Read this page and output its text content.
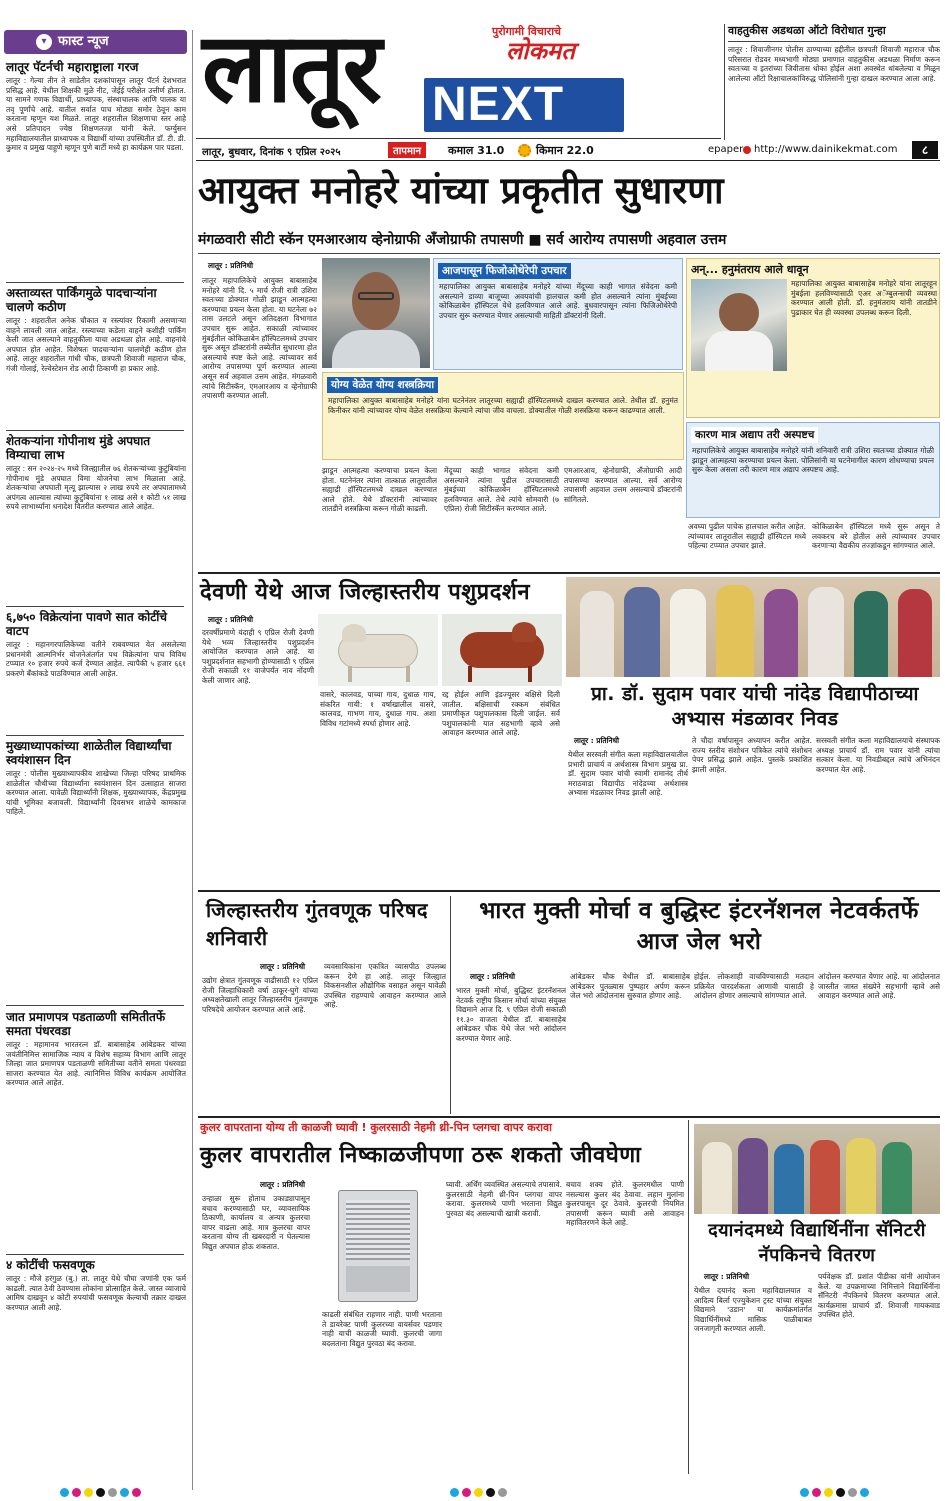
▾ फास्ट न्यूज
लातूर पॅटर्नची महाराष्ट्राला गरज
लातूर : गेल्या तीन ते साडेतीन दशकांपासून लातूर पॅटर्न देशभरात प्रसिद्ध आहे. येथील शिक्षकी मुळे नीट, जेईई परीक्षेत उत्तीर्ण होतात. या सामने गणक विद्यार्थी, प्राध्यापक, संस्थाचालक आणि पालक या तवृ पूर्णांचे आहे. यातील सर्वात पाच मोठ्या समोर ठेवून काम करताना म्हणून यश मिळते. लातूर शहरातील शिक्षणाचा स्तर आहे असे प्रतिपादन ज्येष्ठ शिक्षणतज्ज्ञ यांनी केले. फर्ग्युसन महाविद्यालयातील प्राध्यापक व विद्यार्थी यांच्या उपस्थितीत डॉ. टी. डी. कुमार व प्रमुख पाहुणे म्हणून पुणे बार्टी मध्ये हा कार्यक्रम पार पडला.
अस्ताव्यस्त पार्किंगमुळे पादचाऱ्यांना चालणे कठीण
लातूर : शहरातील अनेक चौकात व रस्त्यांवर रिकामी असणाऱ्या वाहने लावली जात आहेत. रस्त्याच्या कडेला वाहने कशीही पार्किंग केली जात असल्याने वाहतुकीला याचा अडथळा होत आहे. वाहनांचे अपघात होत आहेत. विशेषतः पादचाऱ्यांना चालणेही कठीण होत आहे. लातूर शहरातील गांधी चौक, छत्रपती शिवाजी महाराज चौक, गंजी गोलाई, रेल्वेस्टेशन रोड आदी ठिकाणी हा प्रकार आहे.
शेतकऱ्यांना गोपीनाथ मुंडे अपघात विम्याचा लाभ
लातूर : सन २०२४-२५ मध्ये जिल्ह्यातील ७६ शेतकऱ्यांच्या कुटुंबियांना गोपीनाथ मुंडे अपघात विमा योजनेचा लाभ मिळाला आहे. शेतकऱ्यांचा अपघाती मृत्यू झाल्यास २ लाख रुपये तर अपघातामध्ये अपंगत्व आल्यास त्यांच्या कुटुंबियांना १ लाख असे १ कोटी ५१ लाख रुपये लाभार्थ्यांना धनादेश वितरीत करण्यात आले आहेत.
६,७५० विक्रेत्यांना पावणे सात कोटींचे वाटप
लातूर : महानगरपालिकेच्या वतीने राबवण्यात येत असलेल्या प्रधानमंत्री आत्मनिर्भर योजनेअंतर्गत पथ विक्रेत्यांना पाच विविध टप्प्यात १० हजार रुपये कर्ज देण्यात आहेत. त्यापैकी ५ हजार ६६१ प्रकरणे बँकांकडे पाठविण्यात आली आहेत.
मुख्याध्यापकांच्या शाळेतील विद्यार्थ्यांचा स्वयंशासन दिन
लातूर : पोलीस मुख्याध्यापकीय शाखेच्या जिल्हा परिषद प्राथमिक शाळेतील चौथीच्या विद्यार्थ्यांना स्वयंशासन दिन उत्साहात साजरा करण्यात आला. यावेळी विद्यार्थ्यांनी शिक्षक, मुख्याध्यापक, केंद्रप्रमुख यांची भूमिका बजावली. विद्यार्थ्यांनी दिवसभर शाळेचे कामकाज पाहिले.
जात प्रमाणपत्र पडताळणी समितीतर्फे समता पंधरवडा
लातूर : महामानव भारतरत्न डॉ. बाबासाहेब आंबेडकर यांच्या जयंतीनिमित्त सामाजिक न्याय व विशेष सहाय्य विभाग आणि लातूर जिल्हा जात प्रमाणपत्र पडताळणी समितीच्या वतीने समता पंधरवडा साजरा करण्यात येत आहे. त्यानिमित्त विविध कार्यक्रम आयोजित करण्यात आले आहेत.
४ कोटींची फसवणूक
लातूर : मौजे हरंगुळ (बु.) ता. लातूर येथे चौघा जणांनी एक फर्म काढली. त्यात ठेवी ठेवण्यास लोकांना प्रोत्साहित केले. जास्त व्याजाचे आमिष दाखवून ४ कोटी रुपयांची फसवणूक केल्याची तक्रार दाखल करण्यात आली आहे.
लातूर	पुरोगामी विचाराचे
लोकमत
NEXT
वाहतुकीस अडथळा ऑटो विरोधात गुन्हा
लातूर : शिवाजीनगर पोलीस ठाण्याच्या हद्दीतील छत्रपती शिवाजी महाराज चौक परिसरात रोडवर मध्यभागी मोठ्या प्रमाणात वाहतुकीस अडथळा निर्माण करून स्वतःच्या व इतरांच्या जिवीतास धोका होईल अशा अवस्थेत थांबलेल्या व मिळून आलेल्या ऑटो रिक्षाचालकांविरुद्ध पोलिसांनी गुन्हा दाखल करण्यात आला आहे.
लातूर, बुधवार, दिनांक ९ एप्रिल २०२५	तापमान	कमाल 31.0	किमान 22.0	epaper http://www.dainikekmat.com	८
आयुक्त मनोहरे यांच्या प्रकृतीत सुधारणा
मंगळवारी सीटी स्कॅन एमआरआय व्हेनोग्राफी अँजोग्राफी तपासणी ■ सर्व आरोग्य तपासणी अहवाल उत्तम
लातूर : प्रतिनिधी
लातूर महापालिकेचे आयुक्त बाबासाहेब मनोहरे यांनी दि. ५ मार्च रोजी रात्री उशिरा स्वतःच्या डोक्यात गोळी झाडून आत्महत्या करण्याचा प्रयत्न केला होता. या घटनेला ७२ तास उलटले असून अतिदक्षता विभागात उपचार सुरू आहेत. सकाळी त्यांच्यावर मुंबईतील कोकिळाबेन हॉस्पिटलमध्ये उपचार सुरू असून डॉक्टरांनी तब्येतीत सुधारणा होत असल्याचे स्पष्ट केले आहे. त्यांच्यावर सर्व आरोग्य तपासण्या पूर्ण करण्यात आल्या असून सर्व अहवाल उत्तम आहेत. मंगळवारी त्यांचे सिटीस्कॅन, एमआरआय व व्हेनोग्राफी तपासणी करण्यात आली.
आजपासून फिजोओथेरेपी उपचार
महापालिका आयुक्त बाबासाहेब मनोहरे यांच्या मेंदूच्या काही भागात संवेदना कमी असल्याने डाव्या बाजूच्या अवयवांची हालचाल कमी होत असल्याने त्यांना मुंबईच्या कोकिळाबेन हॉस्पिटल येथे हलविण्यात आले आहे. बुधवारपासून त्यांना फिजिओथेरेपी उपचार सुरू करण्यात येणार असल्याची माहिती डॉक्टरांनी दिली.
अन्... हनुमंतराय आले धावून
महापालिका आयुक्त बाबासाहेब मनोहरे यांना लातूरहून मुंबईला हलविण्यासाठी एअर अॅम्बुलन्सची व्यवस्था करण्यात आली होती. डॉ. हनुमंतराय यांनी तातडीने पुढाकार घेत ही व्यवस्था उपलब्ध करून दिली.
योग्य वेळेत योग्य शस्त्रक्रिया
महापालिका आयुक्त बाबासाहेब मनोहरे यांना घटनेनंतर लातूरच्या सह्याद्री हॉस्पिटलमध्ये दाखल करण्यात आले. तेथील डॉ. हनुमंत किनीकर यांनी त्यांच्यावर योग्य वेळेत शस्त्रक्रिया केल्याने त्यांचा जीव वाचला. डोक्यातील गोळी शस्त्रक्रिया करून काढण्यात आली.
कारण मात्र अद्याप तरी अस्पष्टच
महापालिकेचे आयुक्त बाबासाहेब मनोहरे यांनी शनिवारी रात्री उशिरा स्वतःच्या डोक्यात गोळी झाडून आत्महत्या करण्याचा प्रयत्न केला. पोलिसांनी या घटनेमागील कारण शोधण्याचा प्रयत्न सुरू केला असला तरी कारण मात्र अद्याप अस्पष्टच आहे.
झाडून आत्महत्या करण्याचा प्रयत्न केला होता. घटनेनंतर त्यांना तात्काळ लातूरातील सह्याद्री हॉस्पिटलमध्ये दाखल करण्यात आले होते. येथे डॉक्टरांनी त्यांच्यावर तातडीने शस्त्रक्रिया करून गोळी काढली.
मेंदूच्या काही भागात संवेदना कमी असल्याने त्यांना पुढील उपचारासाठी मुंबईच्या कोकिळाबेन हॉस्पिटलमध्ये हलविण्यात आले. तेथे त्यांचे सोमवारी (७ एप्रिल) रोजी सिटीस्कॅन करण्यात आले.
एमआरआय, व्हेनोग्राफी, अँजोग्राफी आदी तपासण्या करण्यात आल्या. सर्व आरोग्य तपासणी अहवाल उत्तम असल्याचे डॉक्टरांनी सांगितले.
अवघ्या पुढील पाचेक हालचाल करीत आहेत. त्यांच्यावर लातूरातील सह्याद्री हॉस्पिटल मध्ये पहिल्या टप्प्यात उपचार झाले.
कोकिळाबेन हॉस्पिटल मध्ये सुरू असून ते लवकरच बरे होतील असे त्यांच्यावर उपचार करणाऱ्या वैद्यकीय तज्ज्ञांकडून सांगण्यात आले.
देवणी येथे आज जिल्हास्तरीय पशुप्रदर्शन
लातूर : प्रतिनिधी
दरवर्षीप्रमाणे यंदाही ९ एप्रिल रोजी देवणी येथे भव्य जिल्हास्तरीय पशुप्रदर्शन आयोजित करण्यात आले आहे. या पशुप्रदर्शनात सहभागी होण्यासाठी ९ एप्रिल रोजी सकाळी ११ वाजेपर्यंत नाव नोंदणी केली जाणार आहे.
वासरे, कालवड, पाच्या गाय, दुधाळ गाय, संकरित गायी: १ वर्षाखालील वासरे, कालवड, गाभण गाय, दुधाळ गाय. अशा विविध गटांमध्ये स्पर्धा होणार आहे.
रद्द होईल आणि इंडज्यूसर बक्षिसे दिली जातील. बक्षिसाची रक्कम संबंधित प्रमाणीकृत पशुपालकास दिली जाईल. सर्व पशुपालकांनी यात सहभागी व्हावे असे आवाहन करण्यात आले आहे.
प्रा. डॉ. सुदाम पवार यांची नांदेड विद्यापीठाच्या अभ्यास मंडळावर निवड
लातूर : प्रतिनिधी
येथील सरस्वती संगीत कला महाविद्यालयातील प्रभारी प्राचार्य व अर्थशास्त्र विभाग प्रमुख प्रा. डॉ. सुदाम पवार यांची स्वामी रामानंद तीर्थ मराठवाडा विद्यापीठ नांदेडच्या अर्थशास्त्र अभ्यास मंडळावर निवड झाली आहे.
ते चौदा वर्षापासून अध्यापन करीत आहेत. राज्य स्तरीय संशोधन पत्रिकेत त्यांचे संशोधन पेपर प्रसिद्ध झाले आहेत. पुस्तके प्रकाशित झाली आहेत.
सरस्वती संगीत कला महाविद्यालयाचे संस्थापक अध्यक्ष प्राचार्य डॉ. राम पवार यांनी त्यांचा सत्कार केला. या निवडीबद्दल त्यांचे अभिनंदन करण्यात येत आहे.
जिल्हास्तरीय गुंतवणूक परिषद शनिवारी
लातूर : प्रतिनिधी
उद्योग क्षेत्रात गुंतवणूक वाढीसाठी १२ एप्रिल रोजी जिल्हाधिकारी वर्षा ठाकूर-घुगे यांच्या अध्यक्षतेखाली लातूर जिल्हास्तरीय गुंतवणूक परिषदेचे आयोजन करण्यात आले आहे.
व्यवसायिकांना एकत्रित व्यासपीठ उपलब्ध करून देणे हा आहे. लातूर जिल्ह्यात विकसनशील औद्योगिक वसाहत असून यावेळी उपस्थित राहण्याचे आवाहन करण्यात आले आहे.
भारत मुक्ती मोर्चा व बुद्धिस्ट इंटरनॅशनल नेटवर्कतर्फे आज जेल भरो
लातूर : प्रतिनिधी
भारत मुक्ती मोर्चा, बुद्धिस्ट इंटरनॅशनल नेटवर्क राष्ट्रीय किसान मोर्चा यांच्या संयुक्त विद्यमाने आज दि. ९ एप्रिल रोजी सकाळी ११.३० वाजता येथील डॉ. बाबासाहेब आंबेडकर चौक येथे जेल भरो आंदोलन करण्यात येणार आहे.
आंबेडकर चौक येथील डॉ. बाबासाहेब आंबेडकर पुतळ्यास पुष्पहार अर्पण करून जेल भरो आंदोलनास सुरुवात होणार आहे.
होईल. लोकशाही वाचविण्यासाठी मतदान प्रक्रियेत पारदर्शकता आणावी यासाठी हे आंदोलन होणार असल्याचे सांगण्यात आले.
आंदोलन करण्यात येणार आहे. या आंदोलनात जास्तीत जास्त संख्येने सहभागी व्हावे असे आवाहन करण्यात आले आहे.
कुलर वापरताना योग्य ती काळजी घ्यावी ! कुलरसाठी नेहमी थ्री-पिन प्लगचा वापर करावा
कुलर वापरातील निष्काळजीपणा ठरू शकतो जीवघेणा
लातूर : प्रतिनिधी
उन्हाळा सुरू होताच उकाड्यापासून बचाव करण्यासाठी घर, व्यावसायिक ठिकाणी, कार्यालय व अन्यत्र कुलरचा वापर वाढला आहे. मात्र कुलरचा वापर करताना योग्य ती खबरदारी न घेतल्यास विद्युत अपघात होऊ शकतात.
काढली संबंधित राहणार नाही. पाणी भरताना ते डायरेक्ट पाणी कुलरच्या वायर्सवर पडणार नाही याची काळजी घ्यावी. कुलरची जागा बदलताना विद्युत पुरवठा बंद करावा.
घ्यावी. अर्थिंग व्यवस्थित असल्याचे तपासावे. कुलरसाठी नेहमी थ्री-पिन प्लगचा वापर करावा. कुलरमध्ये पाणी भरताना विद्युत पुरवठा बंद असल्याची खात्री करावी.
बचाव शक्य होते. कुलरमधील पाणी नसल्यास कुलर बंद ठेवावा. लहान मुलांना कुलरपासून दूर ठेवावे. कुलरची नियमित तपासणी करून घ्यावी असे आवाहन महावितरणने केले आहे.	दयानंदमध्ये विद्यार्थिनींना सॅनिटरी नॅपकिनचे वितरण
लातूर : प्रतिनिधी
येथील दयानंद कला महाविद्यालयात व आदित्य बिर्ला एज्युकेशन ट्रस्ट यांच्या संयुक्त विद्यमाने 'उडान' या कार्यक्रमांतर्गत विद्यार्थिनींमध्ये मासिक पाळीबाबत जनजागृती करण्यात आली.
पर्यवेक्षक डॉ. प्रशांत पीडीका यांनी आयोजन केले. या उपक्रमाच्या निमित्ताने विद्यार्थिनींना सॅनिटरी नॅपकिनचे वितरण करण्यात आले. कार्यक्रमास प्राचार्य डॉ. शिवाजी गायकवाड उपस्थित होते.
